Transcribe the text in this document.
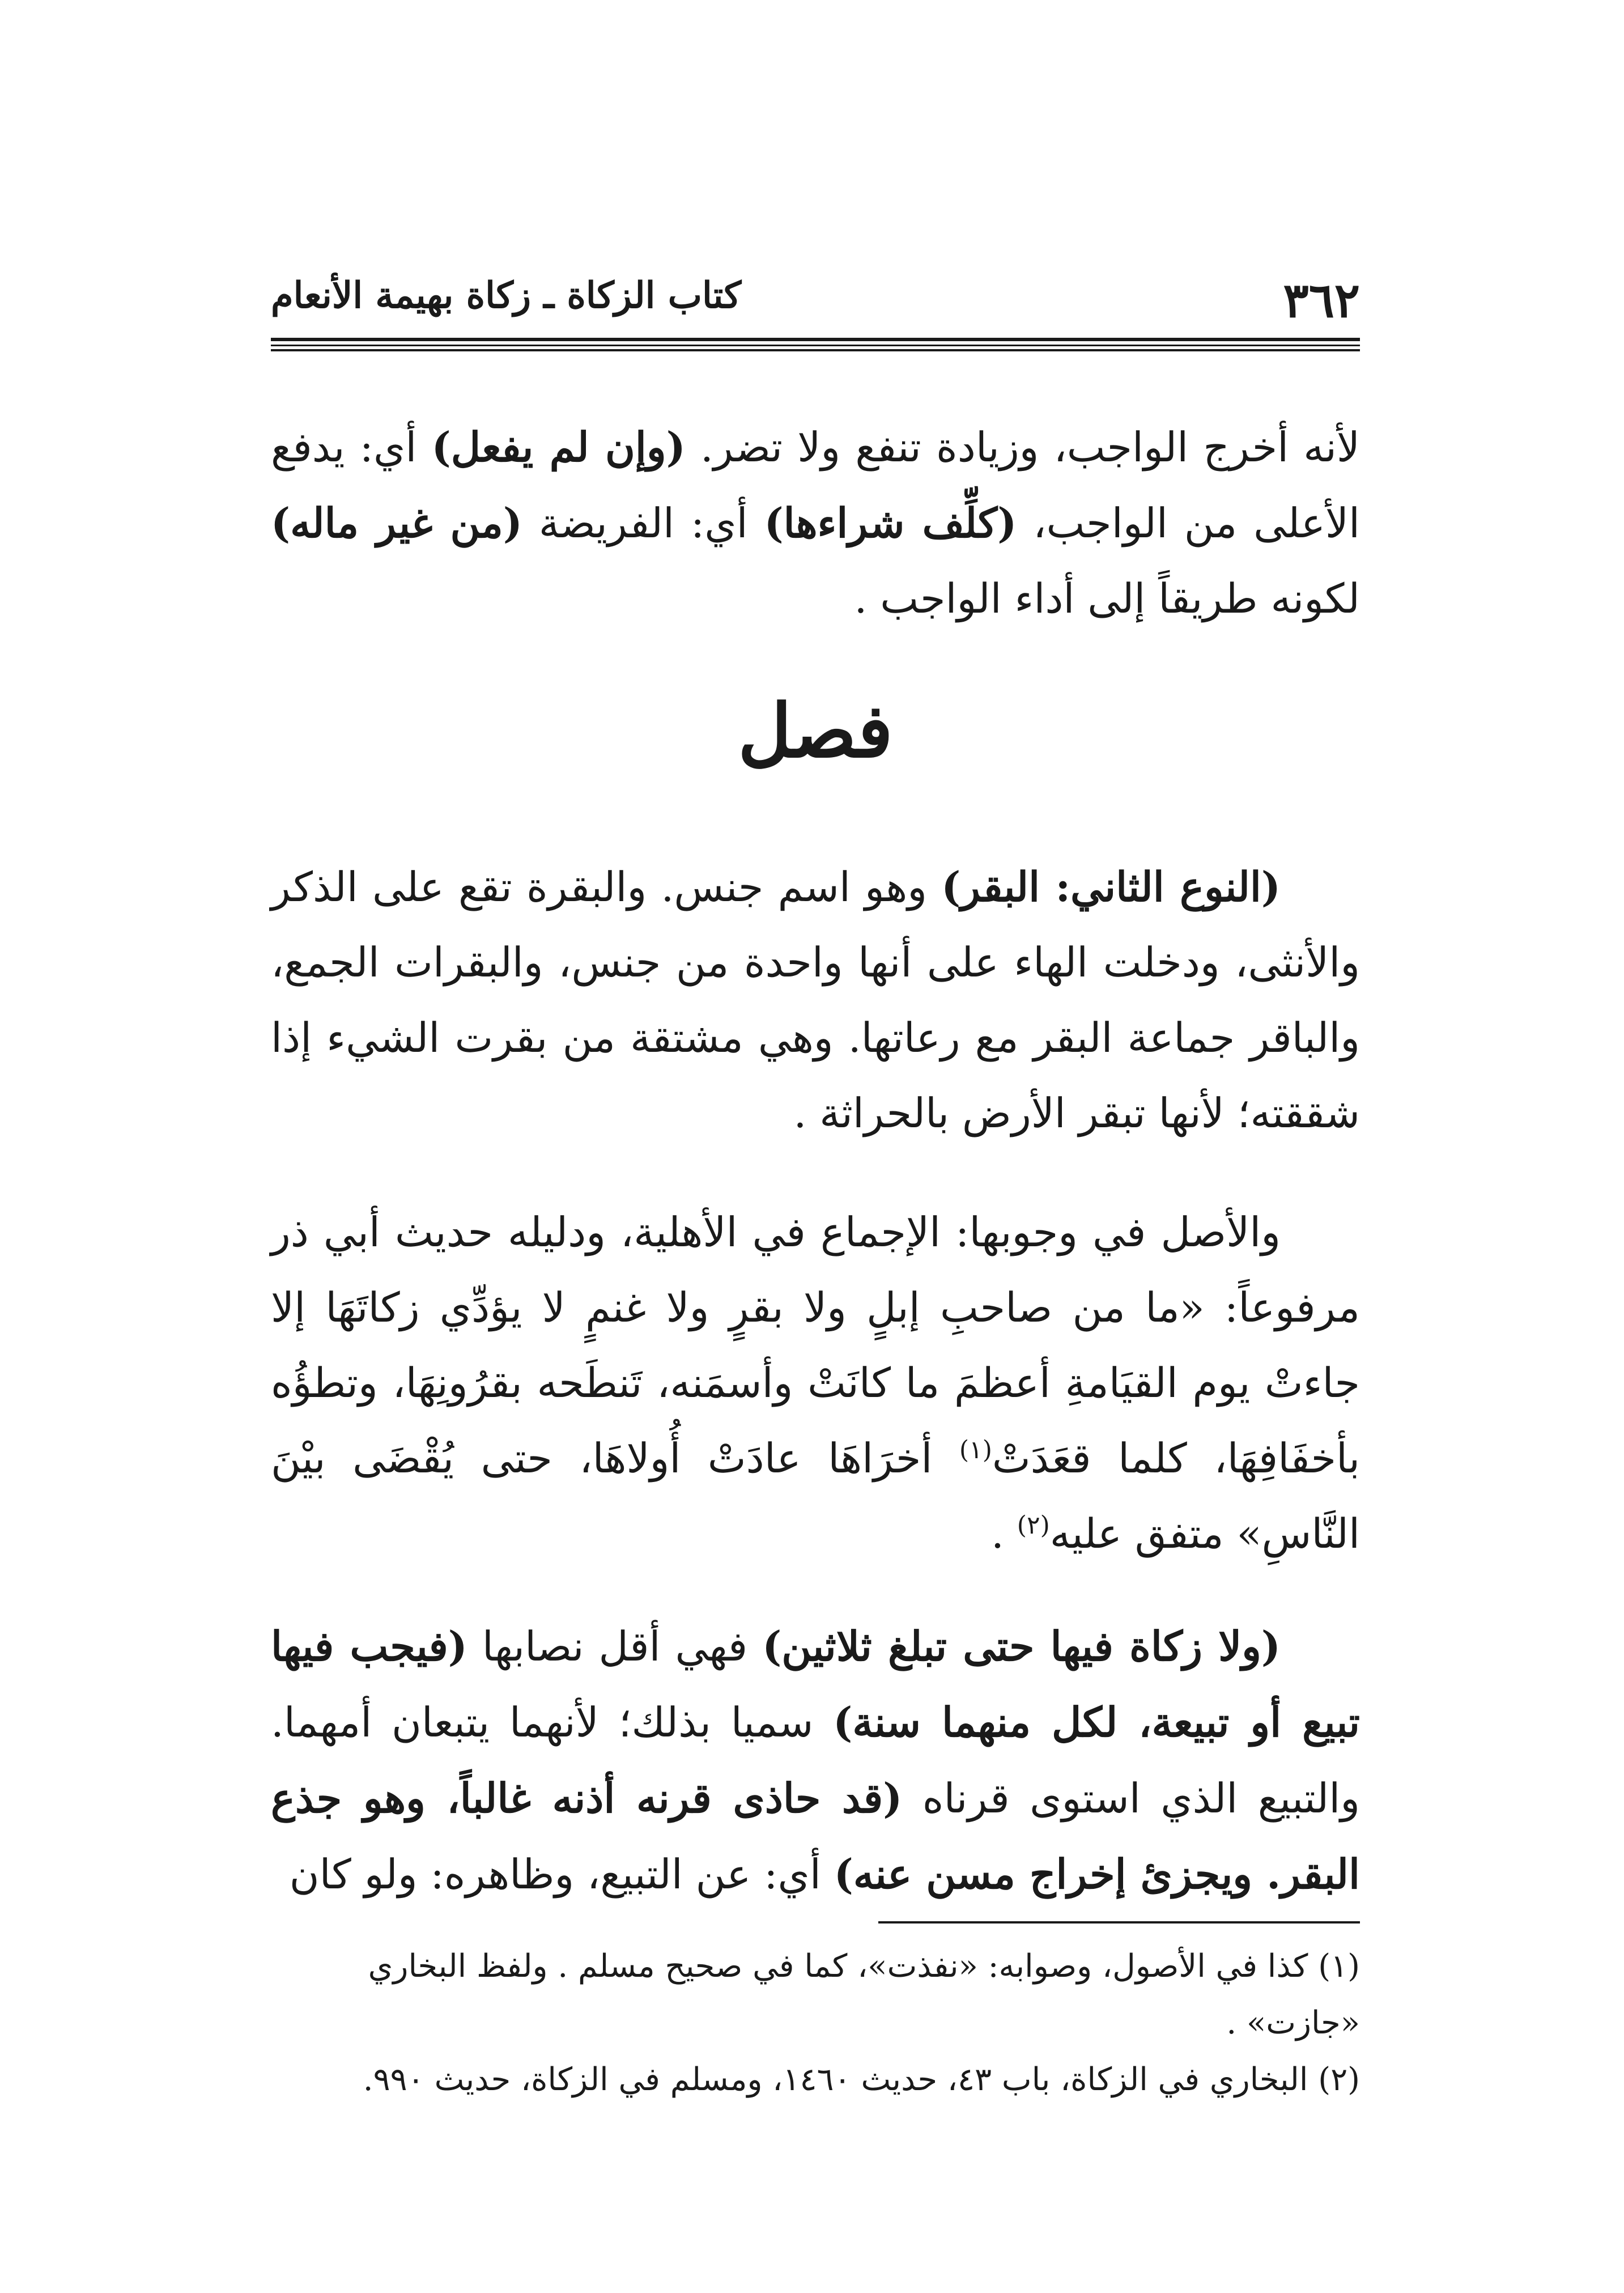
٣٦٢
كتاب الزكاة ـ زكاة بهيمة الأنعام

لأنه أخرج الواجب، وزيادة تنفع ولا تضر. (وإن لم يفعل) أي: يدفع الأعلى من الواجب، (كلِّف شراءها) أي: الفريضة (من غير ماله) لكونه طريقاً إلى أداء الواجب .

فصل

(النوع الثاني: البقر) وهو اسم جنس. والبقرة تقع على الذكر والأنثى، ودخلت الهاء على أنها واحدة من جنس، والبقرات الجمع، والباقر جماعة البقر مع رعاتها. وهي مشتقة من بقرت الشيء إذا شققته؛ لأنها تبقر الأرض بالحراثة .

والأصل في وجوبها: الإجماع في الأهلية، ودليله حديث أبي ذر مرفوعاً: «ما من صاحبِ إبلٍ ولا بقرٍ ولا غنمٍ لا يؤدِّي زكاتَهَا إلا جاءتْ يوم القيَامةِ أعظمَ ما كانَتْ وأسمَنه، تَنطَحه بقرُونِهَا، وتطؤُه بأخفَافِهَا، كلما قعَدَتْ$^{(١)}$ أخرَاهَا عادَتْ أُولاهَا، حتى يُقْضَى بيْنَ النَّاسِ» متفق عليه$^{(٢)}$ .

(ولا زكاة فيها حتى تبلغ ثلاثين) فهي أقل نصابها (فيجب فيها تبيع أو تبيعة، لكل منهما سنة) سميا بذلك؛ لأنهما يتبعان أمهما. والتبيع الذي استوى قرناه (قد حاذى قرنه أذنه غالباً، وهو جذع البقر. ويجزئ إخراج مسن عنه) أي: عن التبيع، وظاهره: ولو كان

(١) كذا في الأصول، وصوابه: «نفذت»، كما في صحيح مسلم . ولفظ البخاري «جازت» .

(٢) البخاري في الزكاة، باب ٤٣، حديث ١٤٦٠، ومسلم في الزكاة، حديث ٩٩٠.
